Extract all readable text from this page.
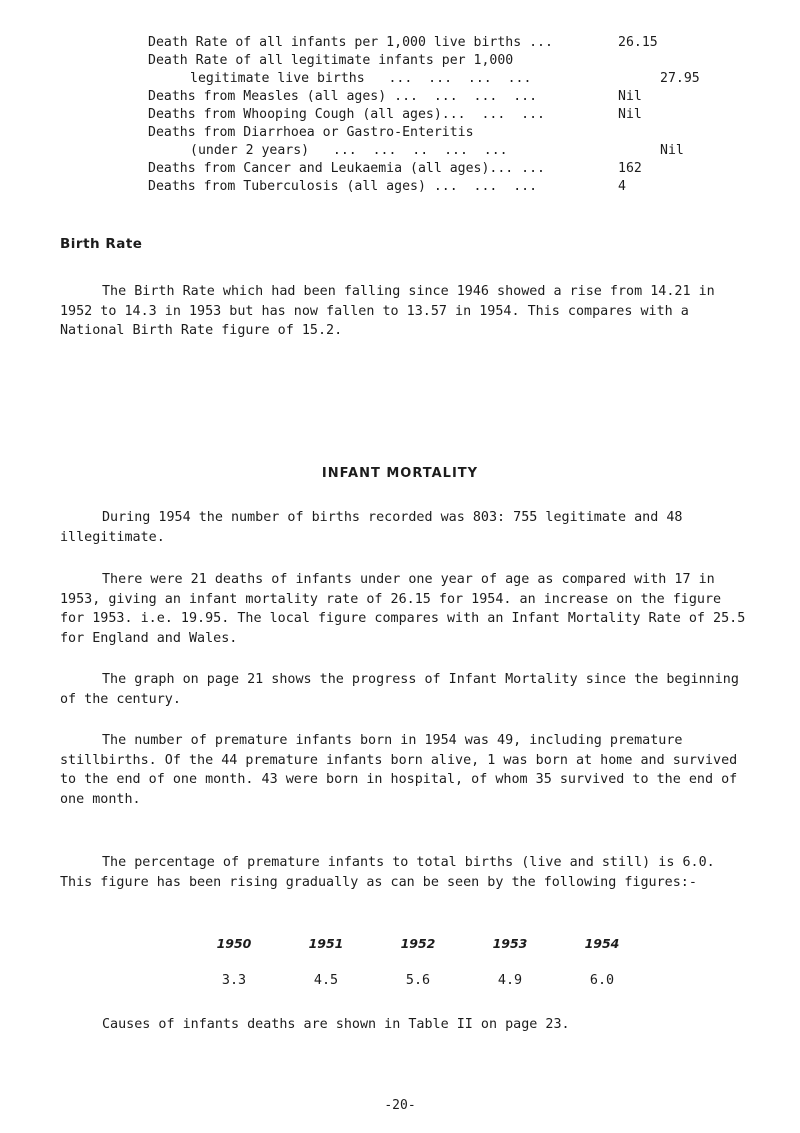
Death Rate of all infants per 1,000 live births ...	26.15
Death Rate of all legitimate infants per 1,000
legitimate live births   ...  ...  ...  ...	27.95
Deaths from Measles (all ages) ...  ...  ...  ...	Nil
Deaths from Whooping Cough (all ages)...  ...  ...	Nil
Deaths from Diarrhoea or Gastro-Enteritis
(under 2 years)   ...  ...  ..  ...  ...	Nil
Deaths from Cancer and Leukaemia (all ages)... ...	162
Deaths from Tuberculosis (all ages) ...  ...  ...	4
Birth Rate
The Birth Rate which had been falling since 1946 showed a rise from 14.21 in 1952 to 14.3 in 1953 but has now fallen to 13.57 in 1954. This compares with a National Birth Rate figure of 15.2.
INFANT MORTALITY
During 1954 the number of births recorded was 803: 755 legitimate and 48 illegitimate.
There were 21 deaths of infants under one year of age as compared with 17 in 1953, giving an infant mortality rate of 26.15 for 1954. an increase on the figure for 1953. i.e. 19.95. The local figure compares with an Infant Mortality Rate of 25.5 for England and Wales.
The graph on page 21 shows the progress of Infant Mortality since the beginning of the century.
The number of premature infants born in 1954 was 49, including premature stillbirths. Of the 44 premature infants born alive, 1 was born at home and survived to the end of one month. 43 were born in hospital, of whom 35 survived to the end of one month.
The percentage of premature infants to total births (live and still) is 6.0. This figure has been rising gradually as can be seen by the following figures:-
1950	1951	1952	1953	1954
3.3	4.5	5.6	4.9	6.0
Causes of infants deaths are shown in Table II on page 23.
-20-
